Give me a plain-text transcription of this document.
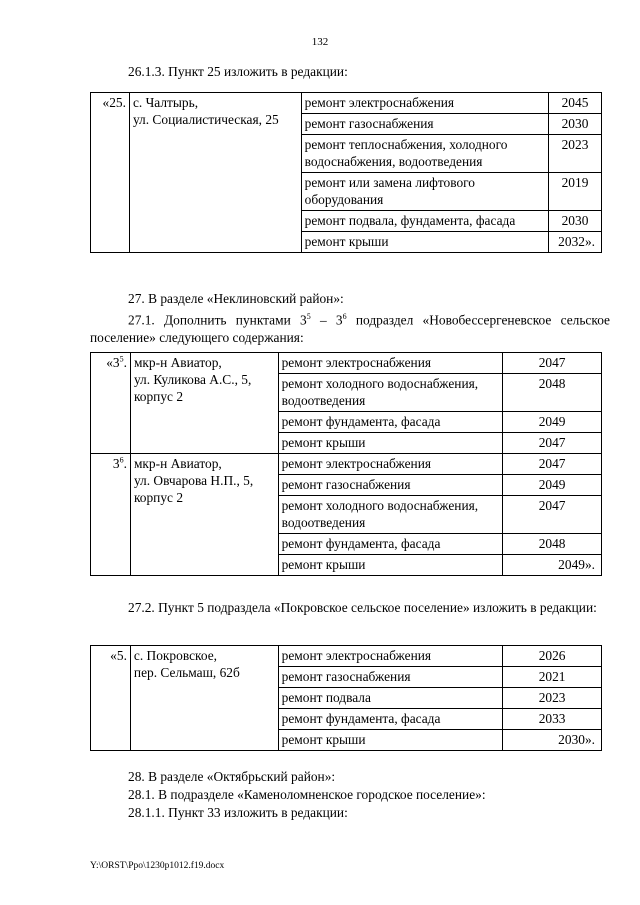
132
26.1.3. Пункт 25 изложить в редакции:
«25.	с. Чалтырь,
ул. Социалистическая, 25	ремонт электроснабжения	2045
		ремонт газоснабжения	2030
		ремонт теплоснабжения, холодного водоснабжения, водоотведения	2023
		ремонт или замена лифтового оборудования	2019
		ремонт подвала, фундамента, фасада	2030
		ремонт крыши	2032».
27. В разделе «Неклиновский район»:
27.1. Дополнить пунктами $3^5 - 3^6$ подраздел «Новобессергеневское сельское поселение» следующего содержания:
«$3^5$.	мкр-н Авиатор,
ул. Куликова А.С., 5,
корпус 2	ремонт электроснабжения	2047
		ремонт холодного водоснабжения, водоотведения	2048
		ремонт фундамента, фасада	2049
		ремонт крыши	2047
$3^6$.	мкр-н Авиатор,
ул. Овчарова Н.П., 5,
корпус 2	ремонт электроснабжения	2047
		ремонт газоснабжения	2049
		ремонт холодного водоснабжения, водоотведения	2047
		ремонт фундамента, фасада	2048
		ремонт крыши	2049».
27.2. Пункт 5 подраздела «Покровское сельское поселение» изложить в редакции:
«5.	с. Покровское,
пер. Сельмаш, 62б	ремонт электроснабжения	2026
		ремонт газоснабжения	2021
		ремонт подвала	2023
		ремонт фундамента, фасада	2033
		ремонт крыши	2030».
28. В разделе «Октябрьский район»:
28.1. В подразделе «Каменоломненское городское поселение»:
28.1.1. Пункт 33 изложить в редакции:
Y:\ORST\Ppo\1230p1012.f19.docx
